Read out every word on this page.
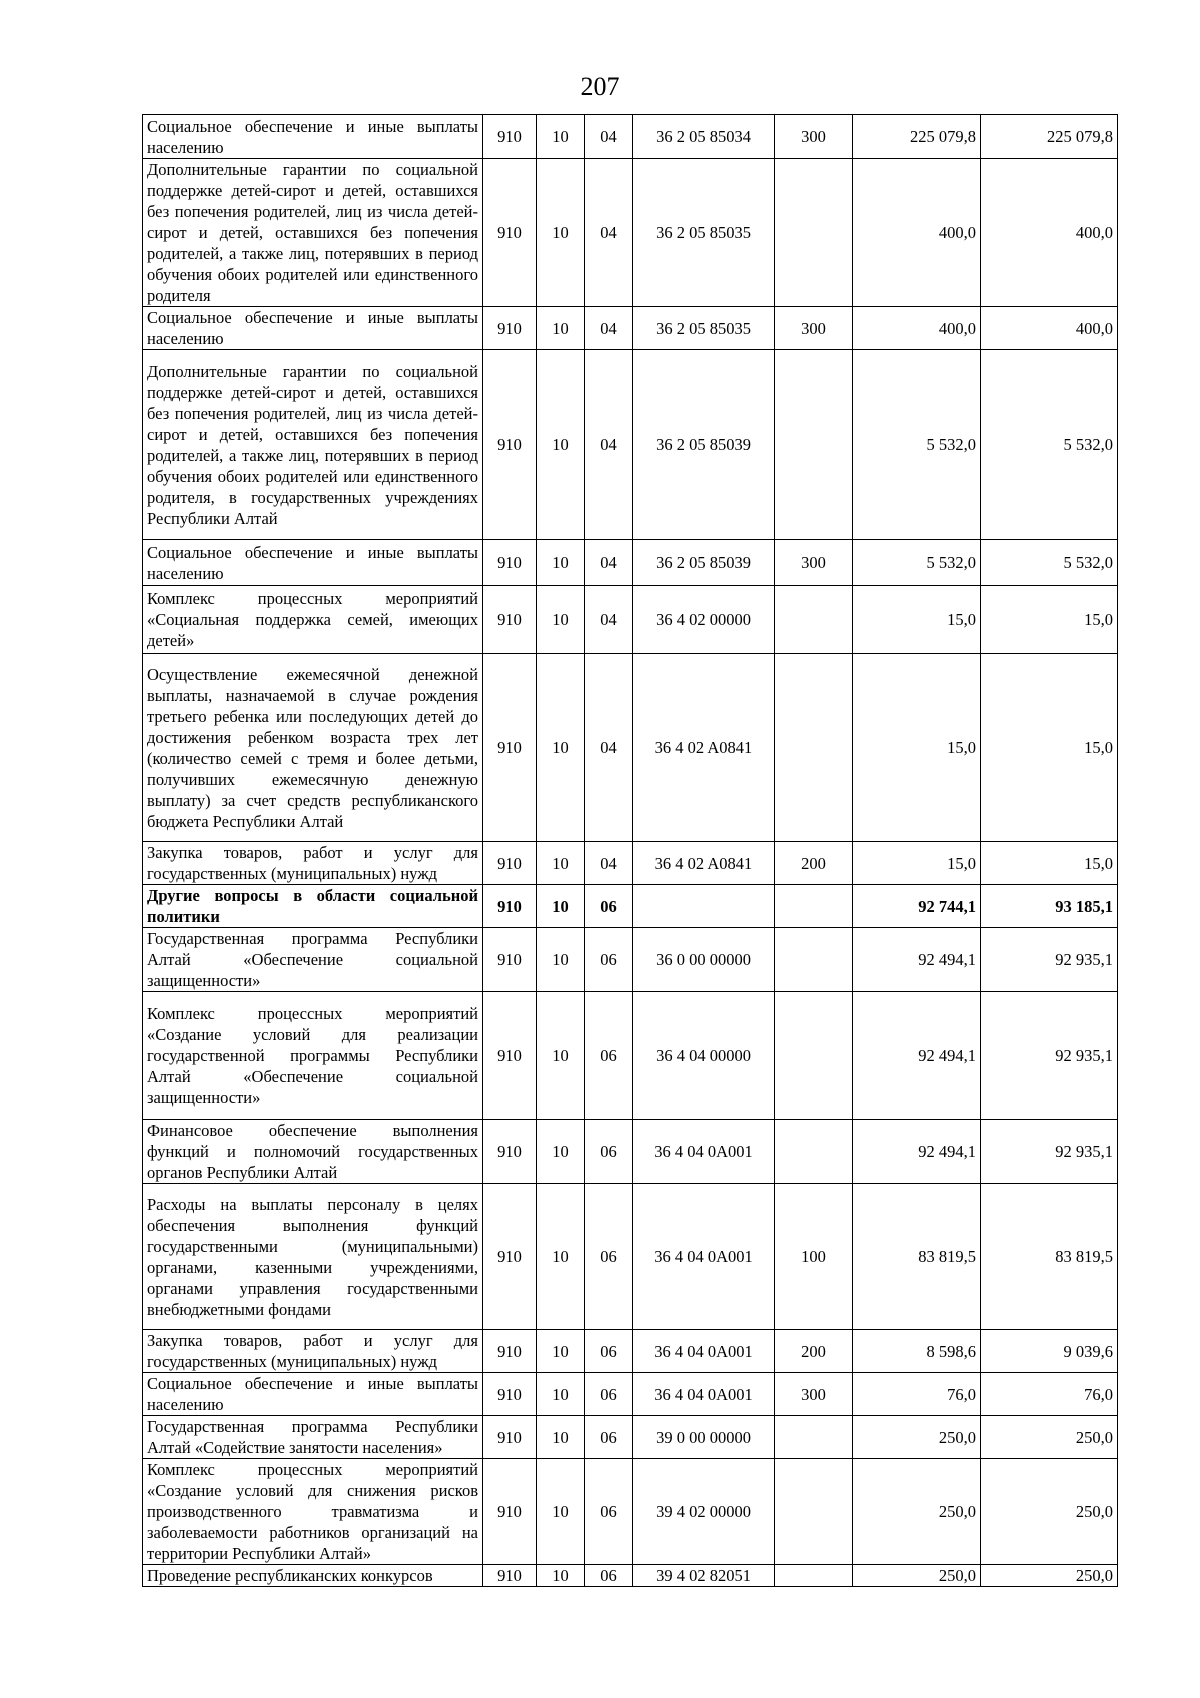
207
Социальное обеспечение и иные выплаты населению	910	10	04	36 2 05 85034	300	225 079,8	225 079,8
Дополнительные гарантии по социальной поддержке детей-сирот и детей, оставшихся без попечения родителей, лиц из числа детей-сирот и детей, оставшихся без попечения родителей, а также лиц, потерявших в период обучения обоих родителей или единственного родителя	910	10	04	36 2 05 85035		400,0	400,0
Социальное обеспечение и иные выплаты населению	910	10	04	36 2 05 85035	300	400,0	400,0
Дополнительные гарантии по социальной поддержке детей-сирот и детей, оставшихся без попечения родителей, лиц из числа детей-сирот и детей, оставшихся без попечения родителей, а также лиц, потерявших в период обучения обоих родителей или единственного родителя, в государственных учреждениях Республики Алтай	910	10	04	36 2 05 85039		5 532,0	5 532,0
Социальное обеспечение и иные выплаты населению	910	10	04	36 2 05 85039	300	5 532,0	5 532,0
Комплекс процессных мероприятий «Социальная поддержка семей, имеющих детей»	910	10	04	36 4 02 00000		15,0	15,0
Осуществление ежемесячной денежной выплаты, назначаемой в случае рождения третьего ребенка или последующих детей до достижения ребенком возраста трех лет (количество семей с тремя и более детьми, получивших ежемесячную денежную выплату) за счет средств республиканского бюджета Республики Алтай	910	10	04	36 4 02 A0841		15,0	15,0
Закупка товаров, работ и услуг для государственных (муниципальных) нужд	910	10	04	36 4 02 A0841	200	15,0	15,0
Другие вопросы в области социальной политики	910	10	06			92 744,1	93 185,1
Государственная программа Республики Алтай «Обеспечение социальной защищенности»	910	10	06	36 0 00 00000		92 494,1	92 935,1
Комплекс процессных мероприятий «Создание условий для реализации государственной программы Республики Алтай «Обеспечение социальной защищенности»	910	10	06	36 4 04 00000		92 494,1	92 935,1
Финансовое обеспечение выполнения функций и полномочий государственных органов Республики Алтай	910	10	06	36 4 04 0A001		92 494,1	92 935,1
Расходы на выплаты персоналу в целях обеспечения выполнения функций государственными (муниципальными) органами, казенными учреждениями, органами управления государственными внебюджетными фондами	910	10	06	36 4 04 0A001	100	83 819,5	83 819,5
Закупка товаров, работ и услуг для государственных (муниципальных) нужд	910	10	06	36 4 04 0A001	200	8 598,6	9 039,6
Социальное обеспечение и иные выплаты населению	910	10	06	36 4 04 0A001	300	76,0	76,0
Государственная программа Республики Алтай «Содействие занятости населения»	910	10	06	39 0 00 00000		250,0	250,0
Комплекс процессных мероприятий «Создание условий для снижения рисков производственного травматизма и заболеваемости работников организаций на территории Республики Алтай»	910	10	06	39 4 02 00000		250,0	250,0
Проведение республиканских конкурсов	910	10	06	39 4 02 82051		250,0	250,0
